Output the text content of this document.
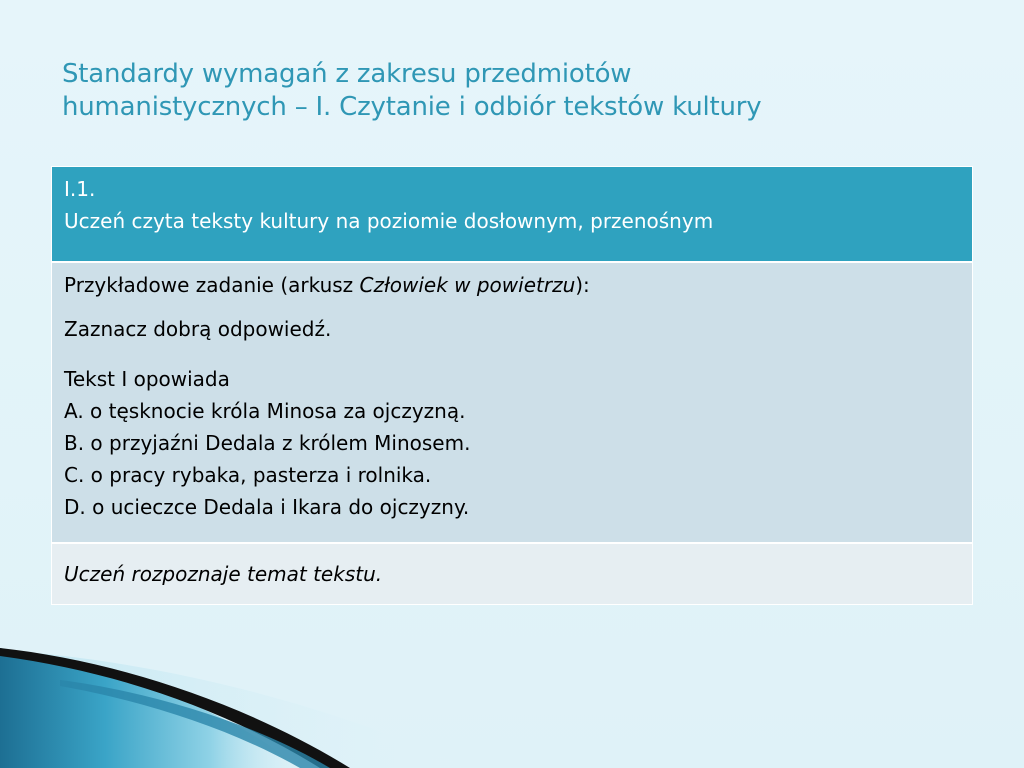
Standardy wymagań z zakresu przedmiotów
humanistycznych – I. Czytanie i odbiór tekstów kultury
I.1.
Uczeń czyta teksty kultury na poziomie dosłownym, przenośnym
Przykładowe zadanie (arkusz Człowiek w powietrzu):
Zaznacz dobrą odpowiedź.
Tekst I opowiada
A. o tęsknocie króla Minosa za ojczyzną.
B. o przyjaźni Dedala z królem Minosem.
C. o pracy rybaka, pasterza i rolnika.
D. o ucieczce Dedala i Ikara do ojczyzny.
Uczeń rozpoznaje temat tekstu.
